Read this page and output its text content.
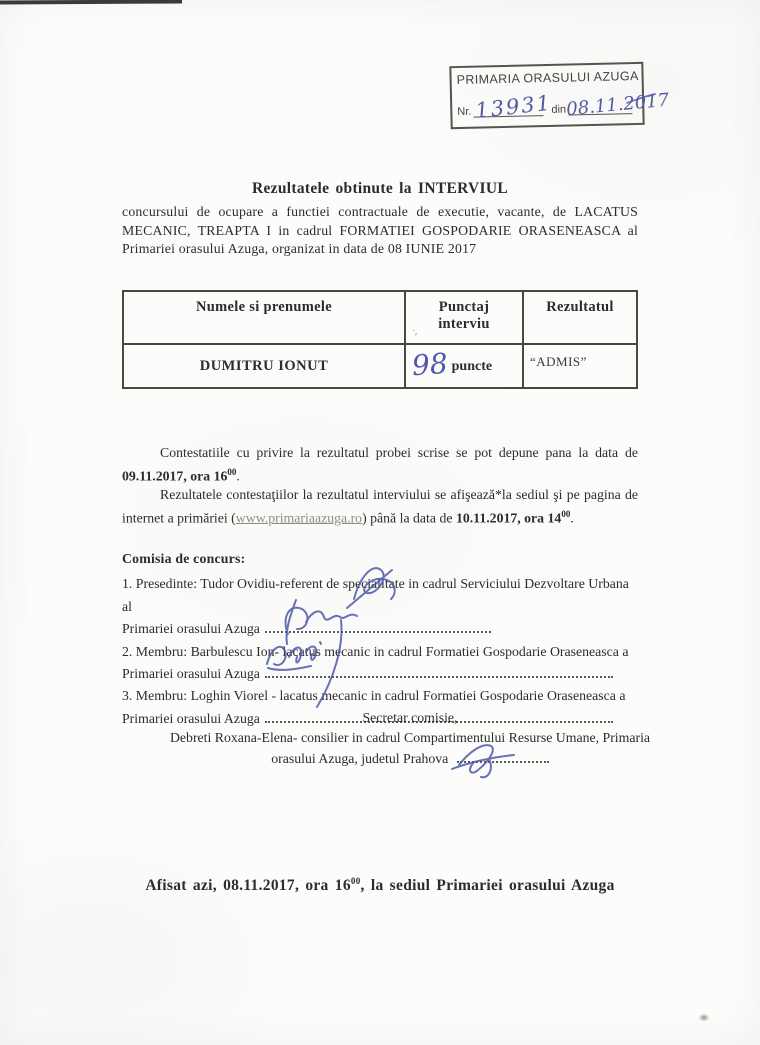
PRIMARIA ORASULUI AZUGA
Nr. 13931
din
08.11.2017
Rezultatele obtinute la INTERVIUL

concursului de ocupare a functiei contractuale de executie, vacante, de LACATUS MECANIC, TREAPTA I in cadrul FORMATIEI GOSPODARIE ORASENEASCA al Primariei orasului Azuga, organizat in data de 08 IUNIE 2017

Numele si prenumele	Punctaj interviu	Rezultatul
DUMITRU IONUT	98 puncte	“ADMIS”
·,

Contestatiile cu privire la rezultatul probei scrise se pot depune pana la data de 09.11.2017, ora $16^{00}$.

Rezultatele contestaţiilor la rezultatul interviului se afişează*la sediul şi pe pagina de internet a primăriei (www.primariaazuga.ro) până la data de 10.11.2017, ora $14^{00}$.

Comisia de concurs:

1. Presedinte: Tudor Ovidiu-referent de specialitate in cadrul Serviciului Dezvoltare Urbana al

Primariei orasului Azuga

2. Membru: Barbulescu Ion- lacatus mecanic in cadrul Formatiei Gospodarie Oraseneasca a

Primariei orasului Azuga

3. Membru: Loghin Viorel - lacatus mecanic in cadrul Formatiei Gospodarie Oraseneasca a

Primariei orasului Azuga	Secretar comisie,

Debreti Roxana-Elena- consilier in cadrul Compartimentului Resurse Umane, Primaria

orasului Azuga, judetul Prahova

Afisat azi, 08.11.2017, ora $16^{00}$, la sediul Primariei orasului Azuga
